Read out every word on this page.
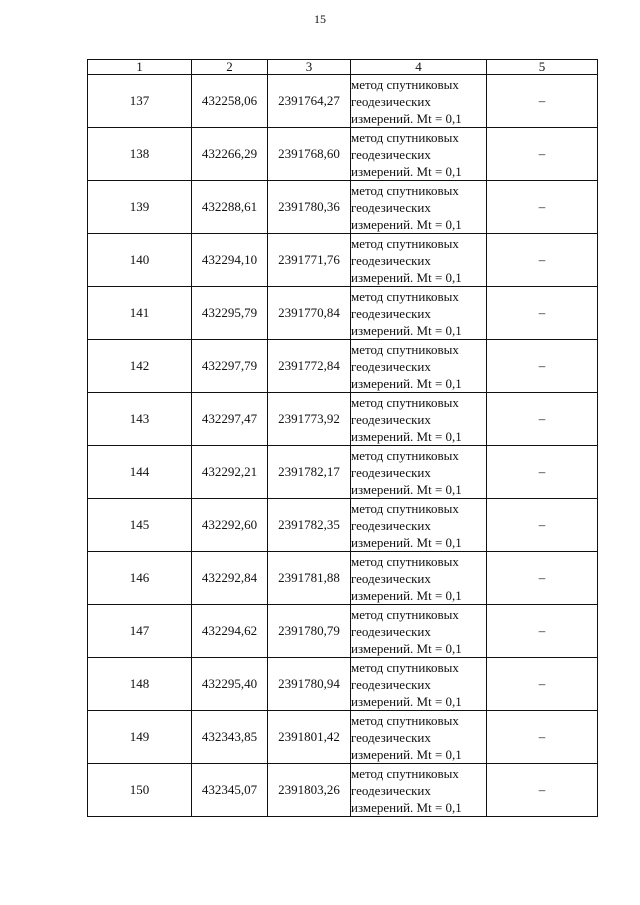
15
1	2	3	4	5
137	432258,06	2391764,27	метод спутниковых
геодезических
измерений. Mt = 0,1	–
138	432266,29	2391768,60	метод спутниковых
геодезических
измерений. Mt = 0,1	–
139	432288,61	2391780,36	метод спутниковых
геодезических
измерений. Mt = 0,1	–
140	432294,10	2391771,76	метод спутниковых
геодезических
измерений. Mt = 0,1	–
141	432295,79	2391770,84	метод спутниковых
геодезических
измерений. Mt = 0,1	–
142	432297,79	2391772,84	метод спутниковых
геодезических
измерений. Mt = 0,1	–
143	432297,47	2391773,92	метод спутниковых
геодезических
измерений. Mt = 0,1	–
144	432292,21	2391782,17	метод спутниковых
геодезических
измерений. Mt = 0,1	–
145	432292,60	2391782,35	метод спутниковых
геодезических
измерений. Mt = 0,1	–
146	432292,84	2391781,88	метод спутниковых
геодезических
измерений. Mt = 0,1	–
147	432294,62	2391780,79	метод спутниковых
геодезических
измерений. Mt = 0,1	–
148	432295,40	2391780,94	метод спутниковых
геодезических
измерений. Mt = 0,1	–
149	432343,85	2391801,42	метод спутниковых
геодезических
измерений. Mt = 0,1	–
150	432345,07	2391803,26	метод спутниковых
геодезических
измерений. Mt = 0,1	–
